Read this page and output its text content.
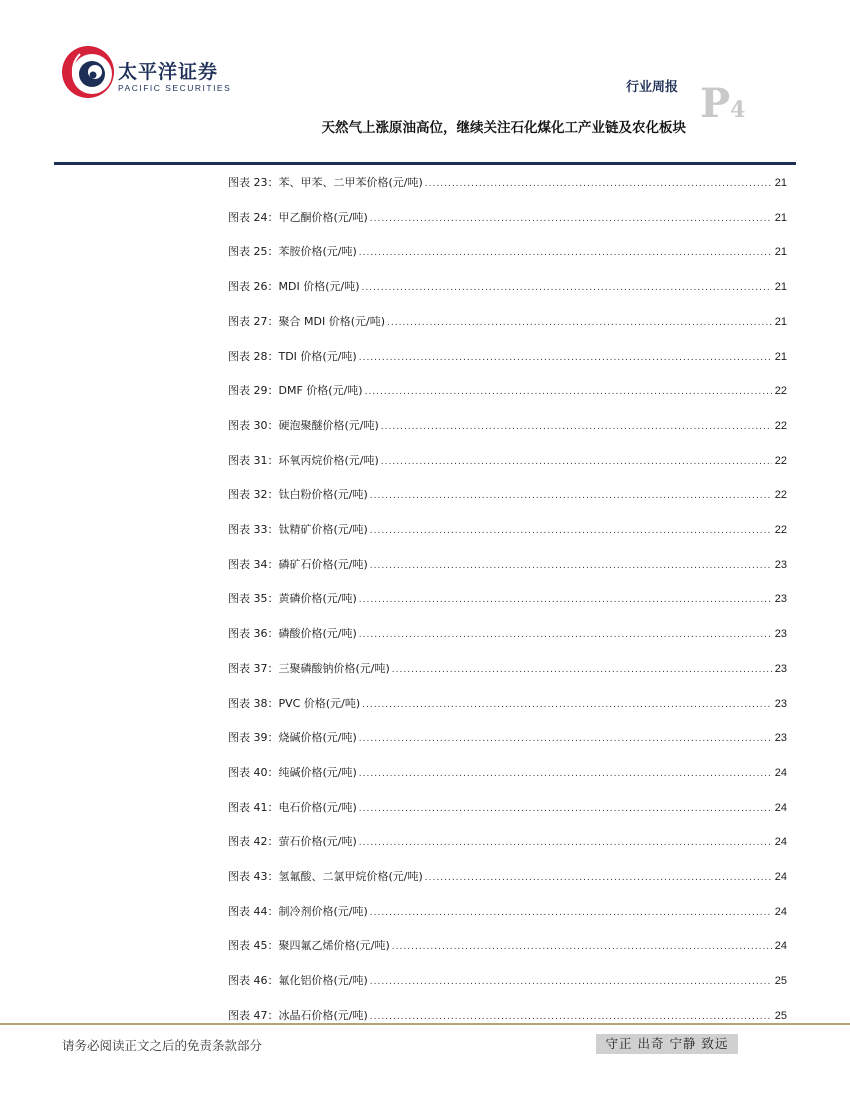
太平洋证券
PACIFIC SECURITIES	行业周报 P4
天然气上涨原油高位，继续关注石化煤化工产业链及农化板块
图表 23：苯、甲苯、二甲苯价格(元/吨) .....	21
图表 24：甲乙酮价格(元/吨) .....	21
图表 25：苯胺价格(元/吨) .....	21
图表 26：MDI 价格(元/吨) .....	21
图表 27：聚合 MDI 价格(元/吨) .....	21
图表 28：TDI 价格(元/吨) .....	21
图表 29：DMF 价格(元/吨) .....	22
图表 30：硬泡聚醚价格(元/吨) .....	22
图表 31：环氧丙烷价格(元/吨) .....	22
图表 32：钛白粉价格(元/吨) .....	22
图表 33：钛精矿价格(元/吨) .....	22
图表 34：磷矿石价格(元/吨) .....	23
图表 35：黄磷价格(元/吨) .....	23
图表 36：磷酸价格(元/吨) .....	23
图表 37：三聚磷酸钠价格(元/吨) .....	23
图表 38：PVC 价格(元/吨) .....	23
图表 39：烧碱价格(元/吨) .....	23
图表 40：纯碱价格(元/吨) .....	24
图表 41：电石价格(元/吨) .....	24
图表 42：萤石价格(元/吨) .....	24
图表 43：氢氟酸、二氯甲烷价格(元/吨) .....	24
图表 44：制冷剂价格(元/吨) .....	24
图表 45：聚四氟乙烯价格(元/吨) .....	24
图表 46：氟化铝价格(元/吨) .....	25
图表 47：冰晶石价格(元/吨) .....	25
请务必阅读正文之后的免责条款部分	守正 出奇 宁静 致远
